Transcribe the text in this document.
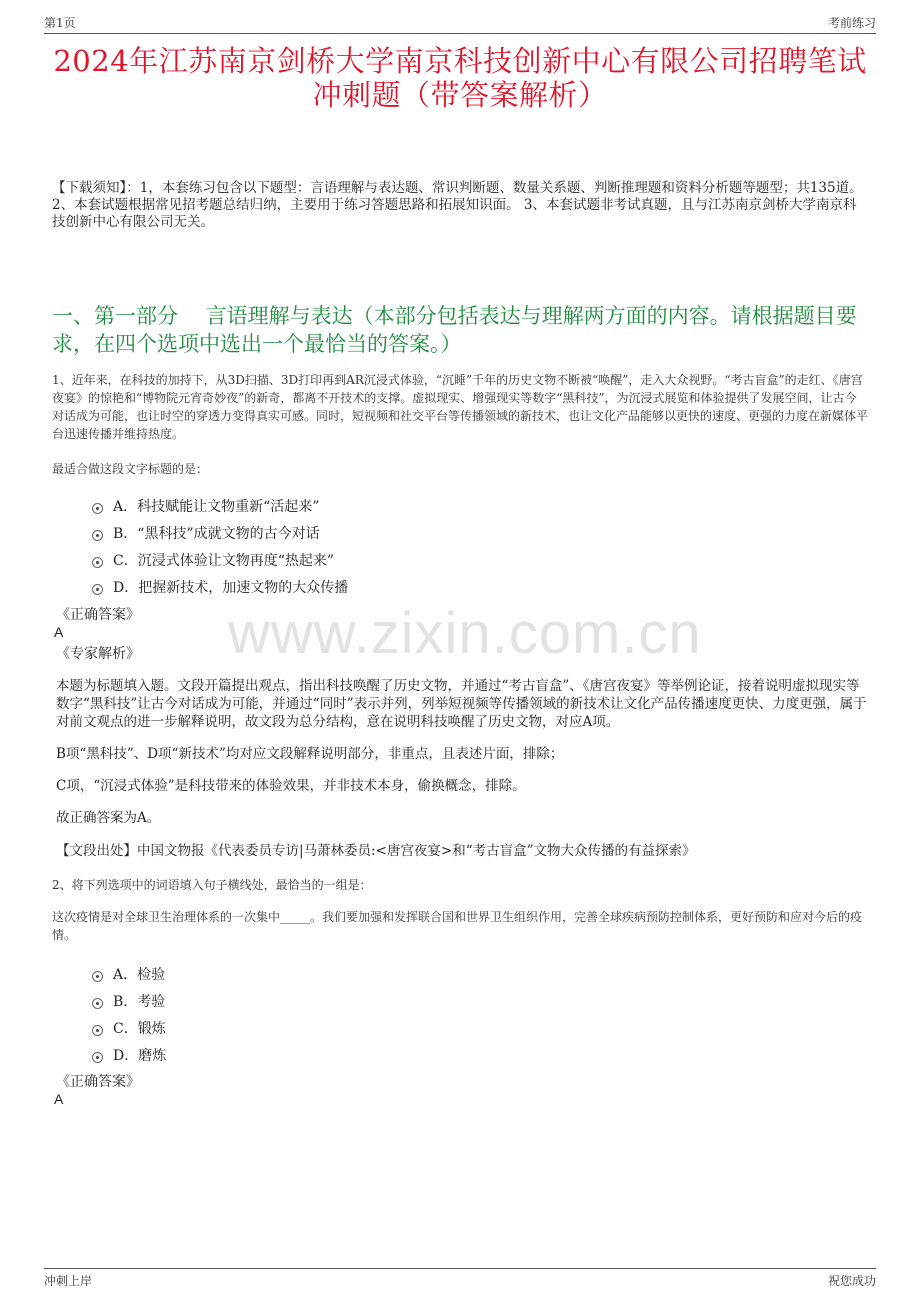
第1页	考前练习
2024年江苏南京剑桥大学南京科技创新中心有限公司招聘笔试冲刺题（带答案解析）
【下载须知】：1，本套练习包含以下题型：言语理解与表达题、常识判断题、数量关系题、判断推理题和资料分析题等题型；共135道。 2、本套试题根据常见招考题总结归纳，主要用于练习答题思路和拓展知识面。 3、本套试题非考试真题，且与江苏南京剑桥大学南京科技创新中心有限公司无关。
一、第一部分　 言语理解与表达（本部分包括表达与理解两方面的内容。请根据题目要求，在四个选项中选出一个最恰当的答案。）
1、近年来，在科技的加持下，从3D扫描、3D打印再到AR沉浸式体验，“沉睡”千年的历史文物不断被“唤醒”，走入大众视野。“考古盲盒”的走红、《唐宫夜宴》的惊艳和“博物院元宵奇妙夜”的新奇，都离不开技术的支撑。虚拟现实、增强现实等数字“黑科技”，为沉浸式展览和体验提供了发展空间，让古今对话成为可能，也让时空的穿透力变得真实可感。同时，短视频和社交平台等传播领域的新技术，也让文化产品能够以更快的速度、更强的力度在新媒体平台迅速传播并维持热度。
最适合做这段文字标题的是：
A．科技赋能让文物重新“活起来”
B．“黑科技”成就文物的古今对话
C．沉浸式体验让文物再度“热起来”
D．把握新技术，加速文物的大众传播
《正确答案》
A
《专家解析》 www.zixin.com.cn
本题为标题填入题。文段开篇提出观点，指出科技唤醒了历史文物，并通过“考古盲盒”、《唐宫夜宴》等举例论证，接着说明虚拟现实等数字“黑科技”让古今对话成为可能，并通过“同时”表示并列，列举短视频等传播领域的新技术让文化产品传播速度更快、力度更强，属于对前文观点的进一步解释说明，故文段为总分结构，意在说明科技唤醒了历史文物，对应A项。
B项“黑科技”、D项“新技术”均对应文段解释说明部分，非重点，且表述片面，排除；
C项，“沉浸式体验”是科技带来的体验效果，并非技术本身，偷换概念，排除。
故正确答案为A。
【文段出处】中国文物报《代表委员专访|马萧林委员:<唐宫夜宴>和“考古盲盒”文物大众传播的有益探索》
2、将下列选项中的词语填入句子横线处，最恰当的一组是：
这次疫情是对全球卫生治理体系的一次集中_____。我们要加强和发挥联合国和世界卫生组织作用，完善全球疾病预防控制体系，更好预防和应对今后的疫情。
A．检验
B．考验
C．锻炼
D．磨炼
《正确答案》
A
冲刺上岸	祝您成功
